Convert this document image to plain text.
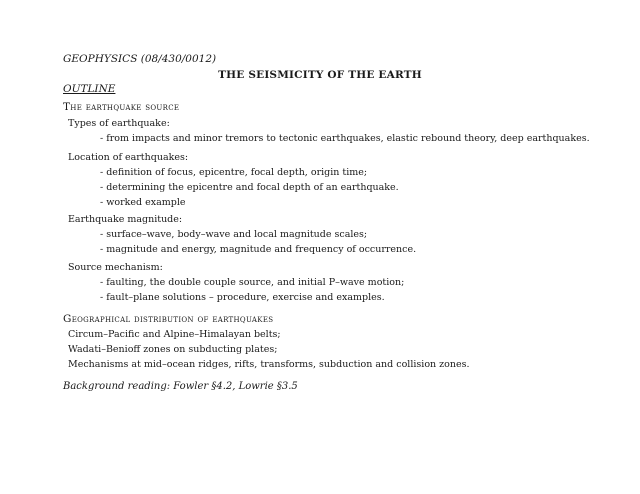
GEOPHYSICS (08/430/0012)
THE SEISMICITY OF THE EARTH
OUTLINE
The earthquake source
Types of earthquake:
- from impacts and minor tremors to tectonic earthquakes, elastic rebound theory, deep earthquakes.
Location of earthquakes:
- definition of focus, epicentre, focal depth, origin time;
- determining the epicentre and focal depth of an earthquake.
- worked example
Earthquake magnitude:
- surface–wave, body–wave and local magnitude scales;
- magnitude and energy, magnitude and frequency of occurrence.
Source mechanism:
- faulting, the double couple source, and initial P–wave motion;
- fault–plane solutions – procedure, exercise and examples.
Geographical distribution of earthquakes
Circum–Pacific and Alpine–Himalayan belts;
Wadati–Benioff zones on subducting plates;
Mechanisms at mid–ocean ridges, rifts, transforms, subduction and collision zones.
Background reading: Fowler §4.2, Lowrie §3.5
